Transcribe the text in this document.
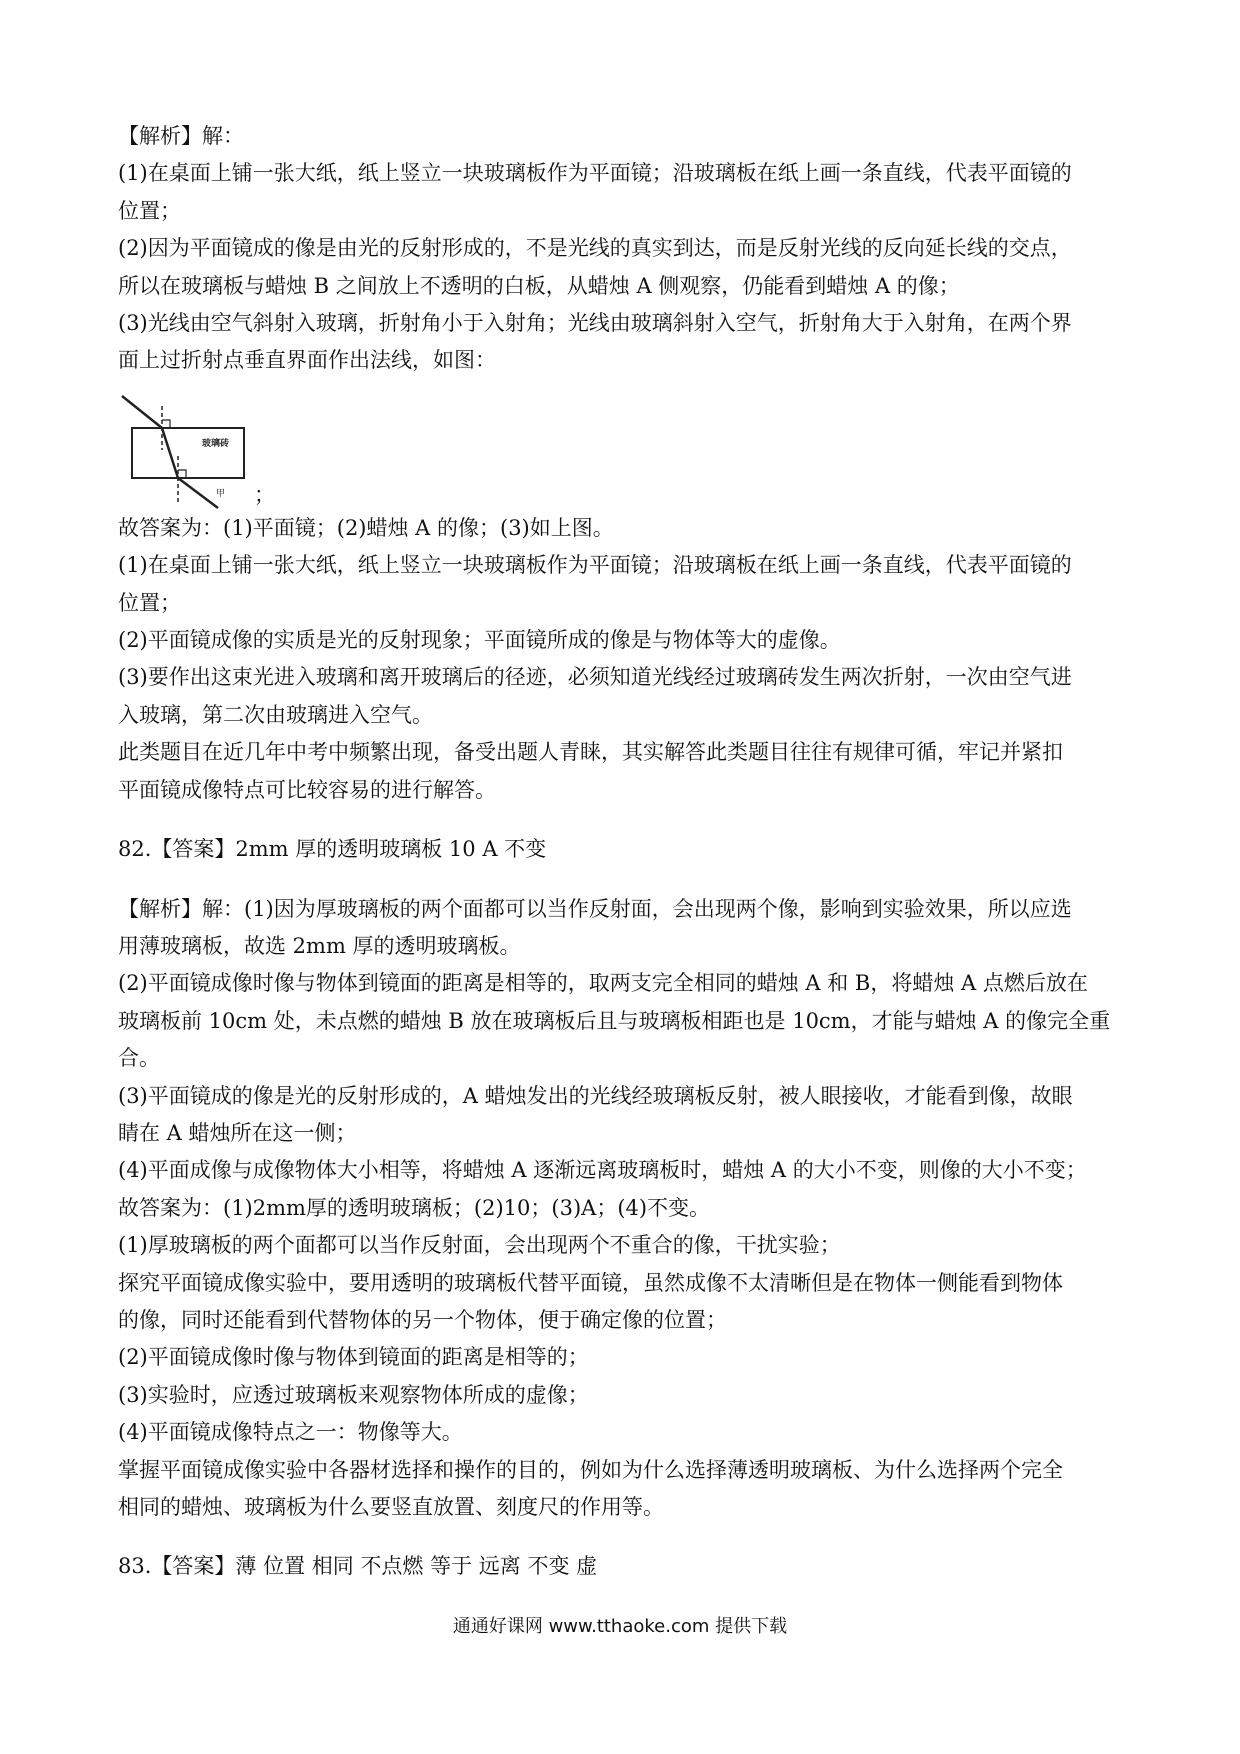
【解析】解：

(1)在桌面上铺一张大纸，纸上竖立一块玻璃板作为平面镜；沿玻璃板在纸上画一条直线，代表平面镜的

位置；

(2)因为平面镜成的像是由光的反射形成的，不是光线的真实到达，而是反射光线的反向延长线的交点，

所以在玻璃板与蜡烛 B 之间放上不透明的白板，从蜡烛 A 侧观察，仍能看到蜡烛 A 的像；

(3)光线由空气斜射入玻璃，折射角小于入射角；光线由玻璃斜射入空气，折射角大于入射角，在两个界

面上过折射点垂直界面作出法线，如图：

玻璃砖
甲 ；

故答案为：(1)平面镜；(2)蜡烛 A 的像；(3)如上图。

(1)在桌面上铺一张大纸，纸上竖立一块玻璃板作为平面镜；沿玻璃板在纸上画一条直线，代表平面镜的

位置；

(2)平面镜成像的实质是光的反射现象；平面镜所成的像是与物体等大的虚像。

(3)要作出这束光进入玻璃和离开玻璃后的径迹，必须知道光线经过玻璃砖发生两次折射，一次由空气进

入玻璃，第二次由玻璃进入空气。

此类题目在近几年中考中频繁出现，备受出题人青睐，其实解答此类题目往往有规律可循，牢记并紧扣

平面镜成像特点可比较容易的进行解答。

82.【答案】2mm 厚的透明玻璃板 10 A 不变

【解析】解：(1)因为厚玻璃板的两个面都可以当作反射面，会出现两个像，影响到实验效果，所以应选

用薄玻璃板，故选 2mm 厚的透明玻璃板。

(2)平面镜成像时像与物体到镜面的距离是相等的，取两支完全相同的蜡烛 A 和 B，将蜡烛 A 点燃后放在

玻璃板前 10cm 处，未点燃的蜡烛 B 放在玻璃板后且与玻璃板相距也是 10cm，才能与蜡烛 A 的像完全重

合。

(3)平面镜成的像是光的反射形成的，A 蜡烛发出的光线经玻璃板反射，被人眼接收，才能看到像，故眼

睛在 A 蜡烛所在这一侧；

(4)平面成像与成像物体大小相等，将蜡烛 A 逐渐远离玻璃板时，蜡烛 A 的大小不变，则像的大小不变；

故答案为：(1)2mm厚的透明玻璃板；(2)10；(3)A；(4)不变。

(1)厚玻璃板的两个面都可以当作反射面，会出现两个不重合的像，干扰实验；

探究平面镜成像实验中，要用透明的玻璃板代替平面镜，虽然成像不太清晰但是在物体一侧能看到物体

的像，同时还能看到代替物体的另一个物体，便于确定像的位置；

(2)平面镜成像时像与物体到镜面的距离是相等的；

(3)实验时，应透过玻璃板来观察物体所成的虚像；

(4)平面镜成像特点之一：物像等大。

掌握平面镜成像实验中各器材选择和操作的目的，例如为什么选择薄透明玻璃板、为什么选择两个完全

相同的蜡烛、玻璃板为什么要竖直放置、刻度尺的作用等。

83.【答案】薄 位置 相同 不点燃 等于 远离 不变 虚

通通好课网 www.tthaoke.com 提供下载
